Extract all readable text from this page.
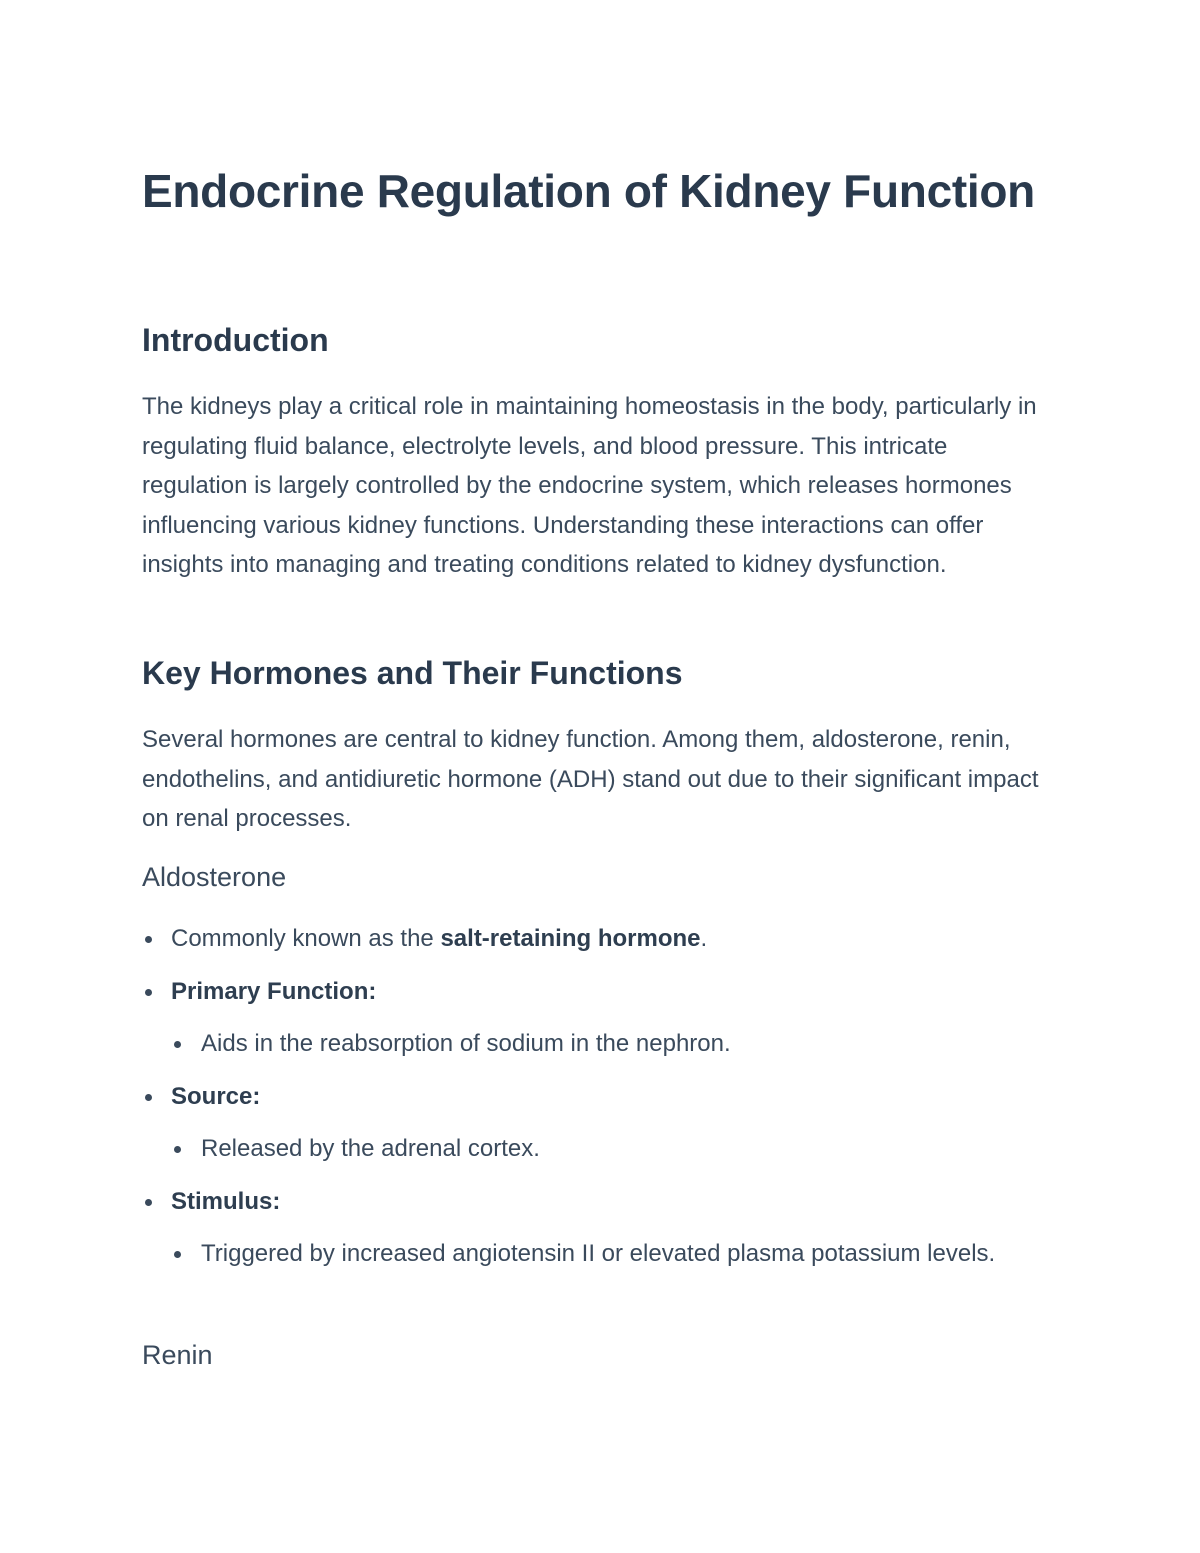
Endocrine Regulation of Kidney Function
Introduction

The kidneys play a critical role in maintaining homeostasis in the body, particularly in regulating fluid balance, electrolyte levels, and blood pressure. This intricate regulation is largely controlled by the endocrine system, which releases hormones influencing various kidney functions. Understanding these interactions can offer insights into managing and treating conditions related to kidney dysfunction.

Key Hormones and Their Functions

Several hormones are central to kidney function. Among them, aldosterone, renin, endothelins, and antidiuretic hormone (ADH) stand out due to their significant impact on renal processes.

Aldosterone
Commonly known as the salt-retaining hormone.
Primary Function:
Aids in the reabsorption of sodium in the nephron.
Source:
Released by the adrenal cortex.
Stimulus:
Triggered by increased angiotensin II or elevated plasma potassium levels.
Renin
